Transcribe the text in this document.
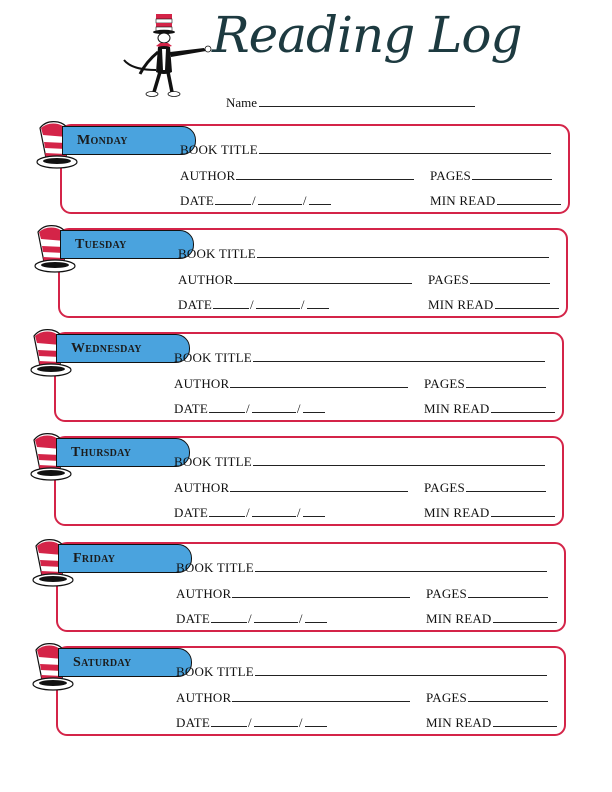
Reading Log
Name
Monday
BOOK TITLE
AUTHOR	PAGES
DATE	/	/	MIN READ
Tuesday
BOOK TITLE
AUTHOR	PAGES
DATE	/	/	MIN READ
Wednesday
BOOK TITLE
AUTHOR	PAGES
DATE	/	/	MIN READ
Thursday
BOOK TITLE
AUTHOR	PAGES
DATE	/	/	MIN READ
Friday
BOOK TITLE
AUTHOR	PAGES
DATE	/	/	MIN READ
Saturday
BOOK TITLE
AUTHOR	PAGES
DATE	/	/	MIN READ
